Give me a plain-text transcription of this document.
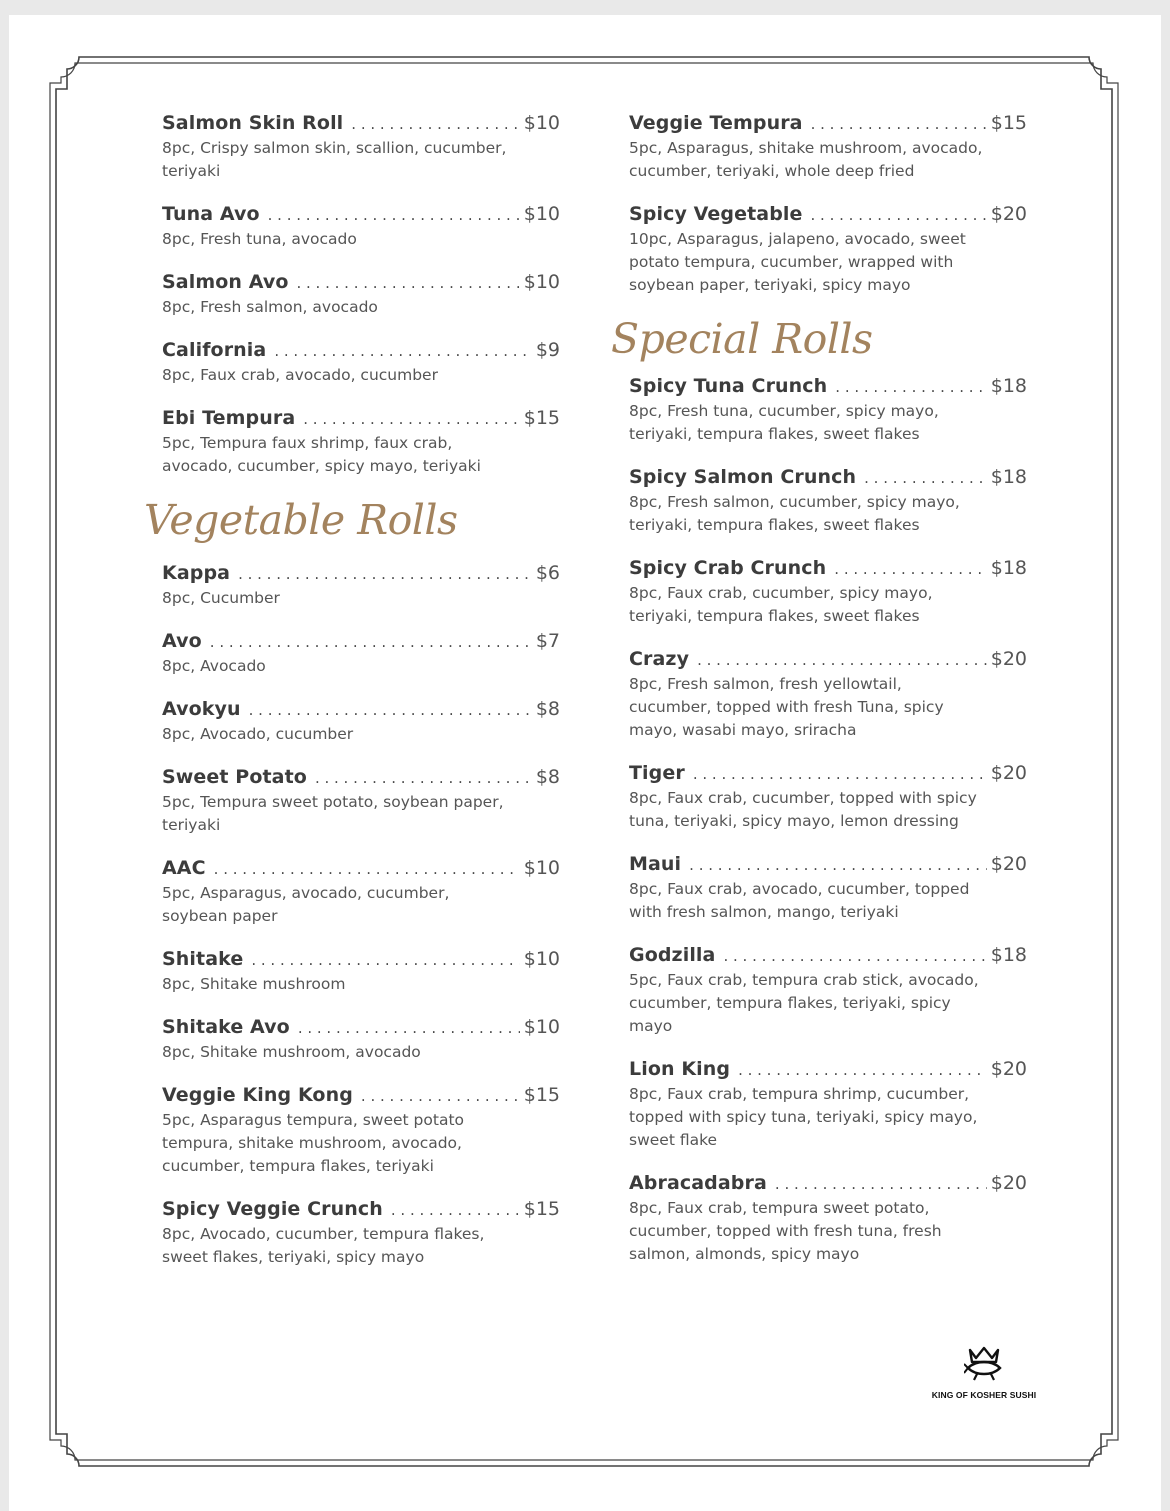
Salmon Skin Roll . . .	$10
8pc, Crispy salmon skin, scallion, cucumber,
teriyaki
Tuna Avo . . .	$10
8pc, Fresh tuna, avocado
Salmon Avo . . .	$10
8pc, Fresh salmon, avocado
California . . .	$9
8pc, Faux crab, avocado, cucumber
Ebi Tempura . . .	$15
5pc, Tempura faux shrimp, faux crab,
avocado, cucumber, spicy mayo, teriyaki
Vegetable Rolls
Kappa . . .	$6
8pc, Cucumber
Avo . . .	$7
8pc, Avocado
Avokyu . . .	$8
8pc, Avocado, cucumber
Sweet Potato . . .	$8
5pc, Tempura sweet potato, soybean paper,
teriyaki
AAC . . .	$10
5pc, Asparagus, avocado, cucumber,
soybean paper
Shitake . . .	$10
8pc, Shitake mushroom
Shitake Avo . . .	$10
8pc, Shitake mushroom, avocado
Veggie King Kong . . .	$15
5pc, Asparagus tempura, sweet potato
tempura, shitake mushroom, avocado,
cucumber, tempura flakes, teriyaki
Spicy Veggie Crunch . . .	$15
8pc, Avocado, cucumber, tempura flakes,
sweet flakes, teriyaki, spicy mayo
Veggie Tempura . . .	$15
5pc, Asparagus, shitake mushroom, avocado,
cucumber, teriyaki, whole deep fried
Spicy Vegetable . . .	$20
10pc, Asparagus, jalapeno, avocado, sweet
potato tempura, cucumber, wrapped with
soybean paper, teriyaki, spicy mayo
Special Rolls
Spicy Tuna Crunch . . .	$18
8pc, Fresh tuna, cucumber, spicy mayo,
teriyaki, tempura flakes, sweet flakes
Spicy Salmon Crunch . . .	$18
8pc, Fresh salmon, cucumber, spicy mayo,
teriyaki, tempura flakes, sweet flakes
Spicy Crab Crunch . . .	$18
8pc, Faux crab, cucumber, spicy mayo,
teriyaki, tempura flakes, sweet flakes
Crazy . . .	$20
8pc, Fresh salmon, fresh yellowtail,
cucumber, topped with fresh Tuna, spicy
mayo, wasabi mayo, sriracha
Tiger . . .	$20
8pc, Faux crab, cucumber, topped with spicy
tuna, teriyaki, spicy mayo, lemon dressing
Maui . . .	$20
8pc, Faux crab, avocado, cucumber, topped
with fresh salmon, mango, teriyaki
Godzilla . . .	$18
5pc, Faux crab, tempura crab stick, avocado,
cucumber, tempura flakes, teriyaki, spicy
mayo
Lion King . . .	$20
8pc, Faux crab, tempura shrimp, cucumber,
topped with spicy tuna, teriyaki, spicy mayo,
sweet flake
Abracadabra . . .	$20
8pc, Faux crab, tempura sweet potato,
cucumber, topped with fresh tuna, fresh
salmon, almonds, spicy mayo
KING OF KOSHER SUSHI
